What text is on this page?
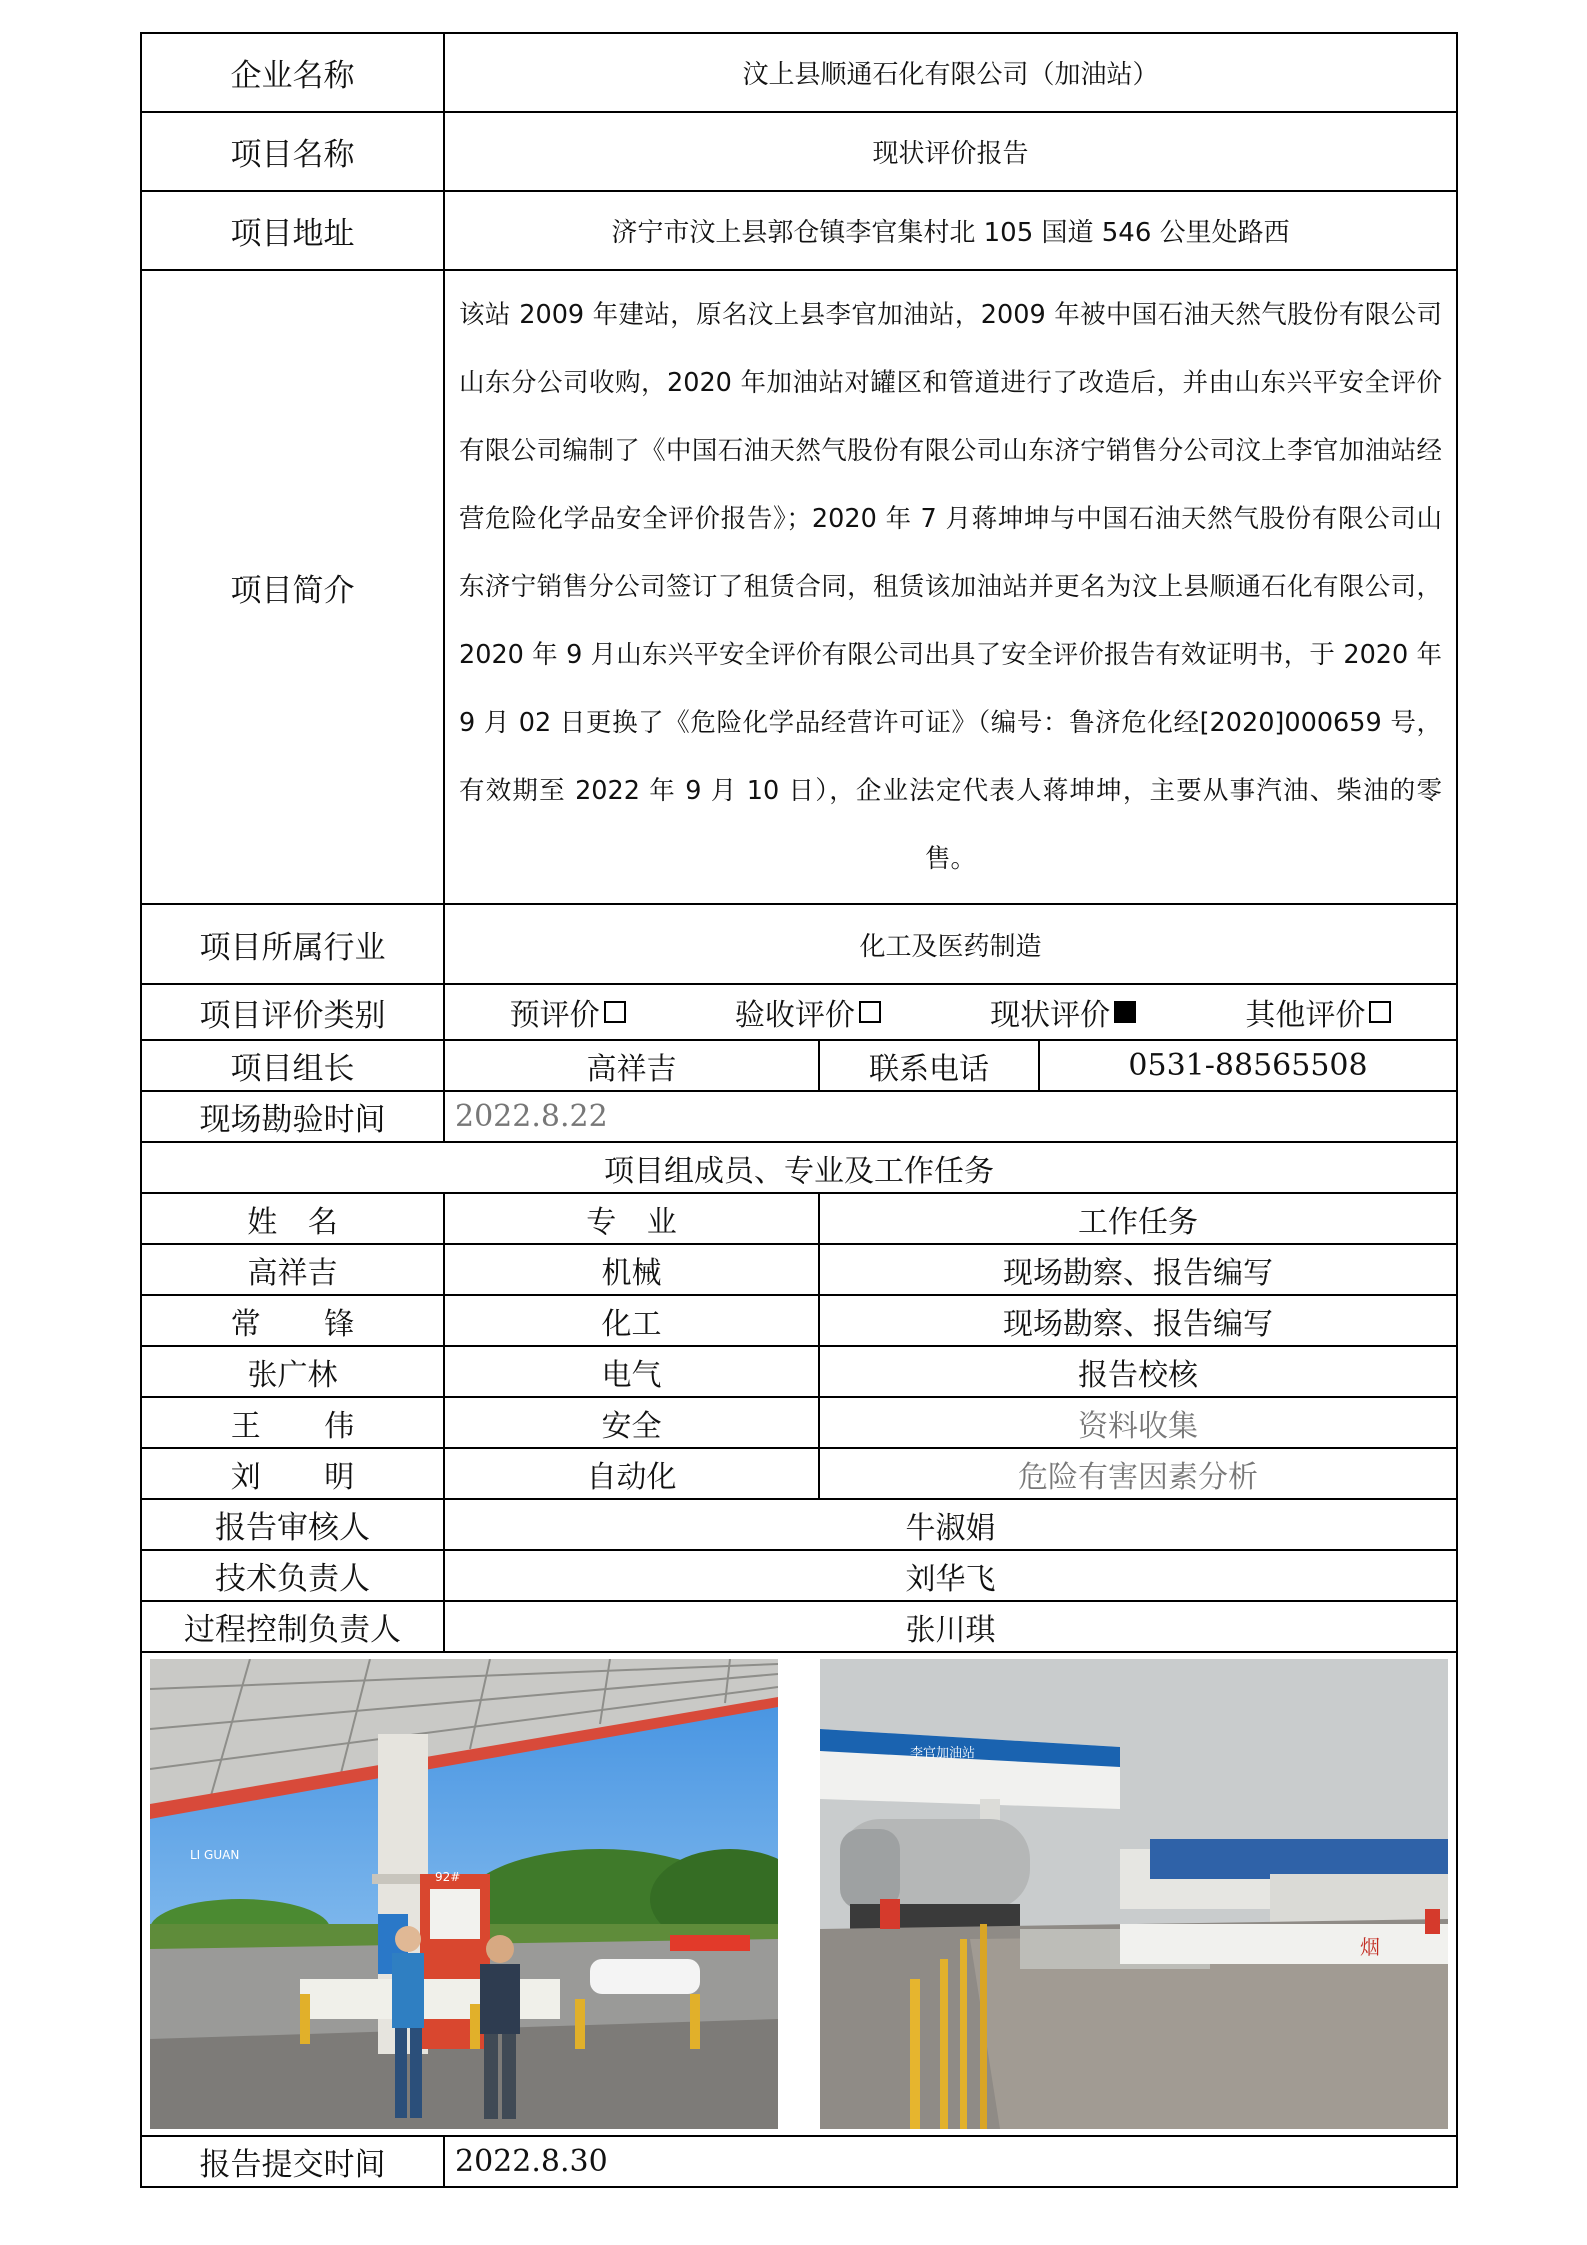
企业名称	汶上县顺通石化有限公司（加油站）		
项目名称	现状评价报告		
项目地址	济宁市汶上县郭仓镇李官集村北 105 国道 546 公里处路西		
项目简介	该站 2009 年建站，原名汶上县李官加油站，2009 年被中国石油天然气股份有限公司山东分公司收购，2020 年加油站对罐区和管道进行了改造后，并由山东兴平安全评价有限公司编制了《中国石油天然气股份有限公司山东济宁销售分公司汶上李官加油站经营危险化学品安全评价报告》；2020 年 7 月蒋坤坤与中国石油天然气股份有限公司山东济宁销售分公司签订了租赁合同，租赁该加油站并更名为汶上县顺通石化有限公司，2020 年 9 月山东兴平安全评价有限公司出具了安全评价报告有效证明书，于 2020 年 9 月 02 日更换了《危险化学品经营许可证》（编号：鲁济危化经[2020]000659 号，有效期至 2022 年 9 月 10 日），企业法定代表人蒋坤坤，主要从事汽油、柴油的零售。		
项目所属行业	化工及医药制造		
项目评价类别	预评价 验收评价 现状评价 其他评价		

项目组长	高祥吉	联系电话	0531-88565508
现场勘验时间	2022.8.22		
项目组成员、专业及工作任务			
姓 名	专 业	工作任务	
高祥吉	机械	现场勘察、报告编写	
常 锋	化工	现场勘察、报告编写	
张广林	电气	报告校核	
王 伟	安全	资料收集	
刘 明	自动化	危险有害因素分析	
报告审核人	牛淑娟		
技术负责人	刘华飞		
过程控制负责人	张川琪		

92#
LI GUAN
李官加油站
烟			

报告提交时间	2022.8.30		
